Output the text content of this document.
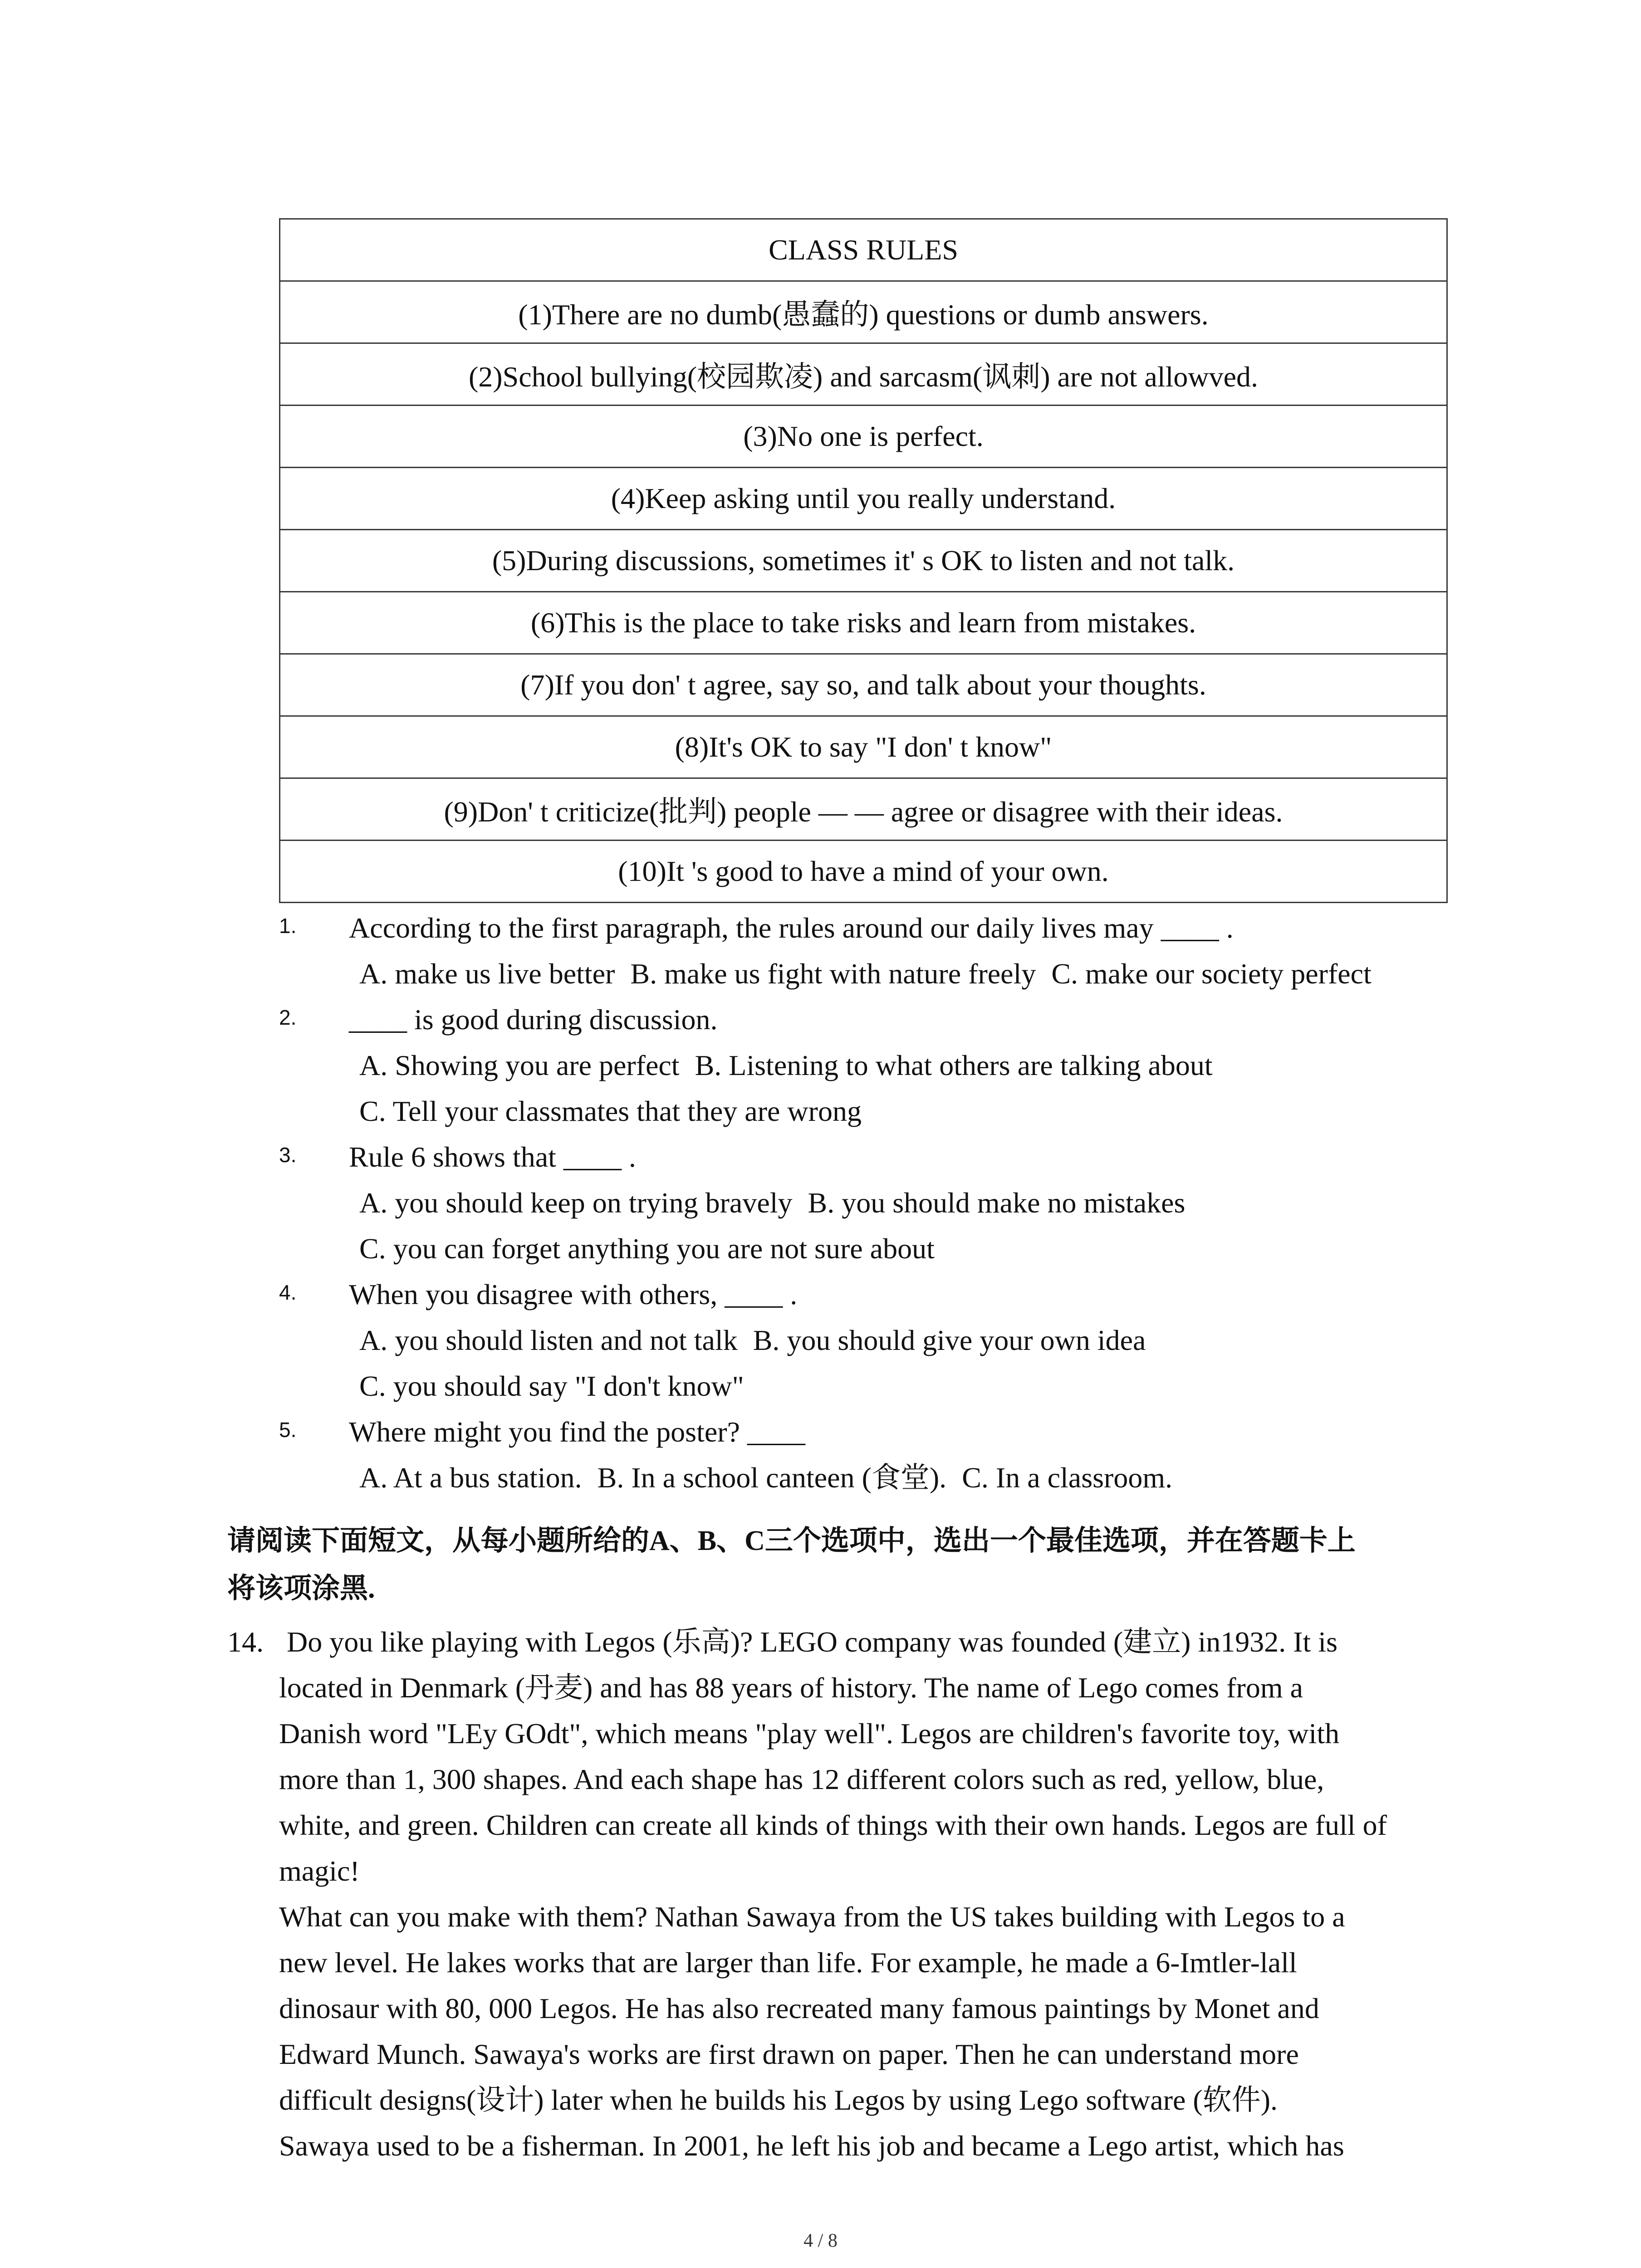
CLASS RULES
(1)There are no dumb(愚蠢的) questions or dumb answers.
(2)School bullying(校园欺凌) and sarcasm(讽刺) are not allowved.
(3)No one is perfect.
(4)Keep asking until you really understand.
(5)During discussions, sometimes it' s OK to listen and not talk.
(6)This is the place to take risks and learn from mistakes.
(7)If you don' t agree, say so, and talk about your thoughts.
(8)It's OK to say "I don' t know"
(9)Don' t criticize(批判) people — — agree or disagree with their ideas.
(10)It 's good to have a mind of your own.
1. According to the first paragraph, the rules around our daily lives may ____ .
A. make us live better B. make us fight with nature freely C. make our society perfect
2. ____ is good during discussion.
A. Showing you are perfect B. Listening to what others are talking about
C. Tell your classmates that they are wrong
3. Rule 6 shows that ____ .
A. you should keep on trying bravely B. you should make no mistakes
C. you can forget anything you are not sure about
4. When you disagree with others, ____ .
A. you should listen and not talk B. you should give your own idea
C. you should say "I don't know"
5. Where might you find the poster? ____
A. At a bus station. B. In a school canteen (食堂). C. In a classroom.
请阅读下面短文，从每小题所给的A、B、C三个选项中，选出一个最佳选项，并在答题卡上
将该项涂黑.
14. Do you like playing with Legos (乐高)? LEGO company was founded (建立) in1932. It is
located in Denmark (丹麦) and has 88 years of history. The name of Lego comes from a
Danish word "LEy GOdt", which means "play well". Legos are children's favorite toy, with
more than 1, 300 shapes. And each shape has 12 different colors such as red, yellow, blue,
white, and green. Children can create all kinds of things with their own hands. Legos are full of
magic!
What can you make with them? Nathan Sawaya from the US takes building with Legos to a
new level. He lakes works that are larger than life. For example, he made a 6-Imtler-lall
dinosaur with 80, 000 Legos. He has also recreated many famous paintings by Monet and
Edward Munch. Sawaya's works are first drawn on paper. Then he can understand more
difficult designs(设计) later when he builds his Legos by using Lego software (软件).
Sawaya used to be a fisherman. In 2001, he left his job and became a Lego artist, which has
4 / 8
